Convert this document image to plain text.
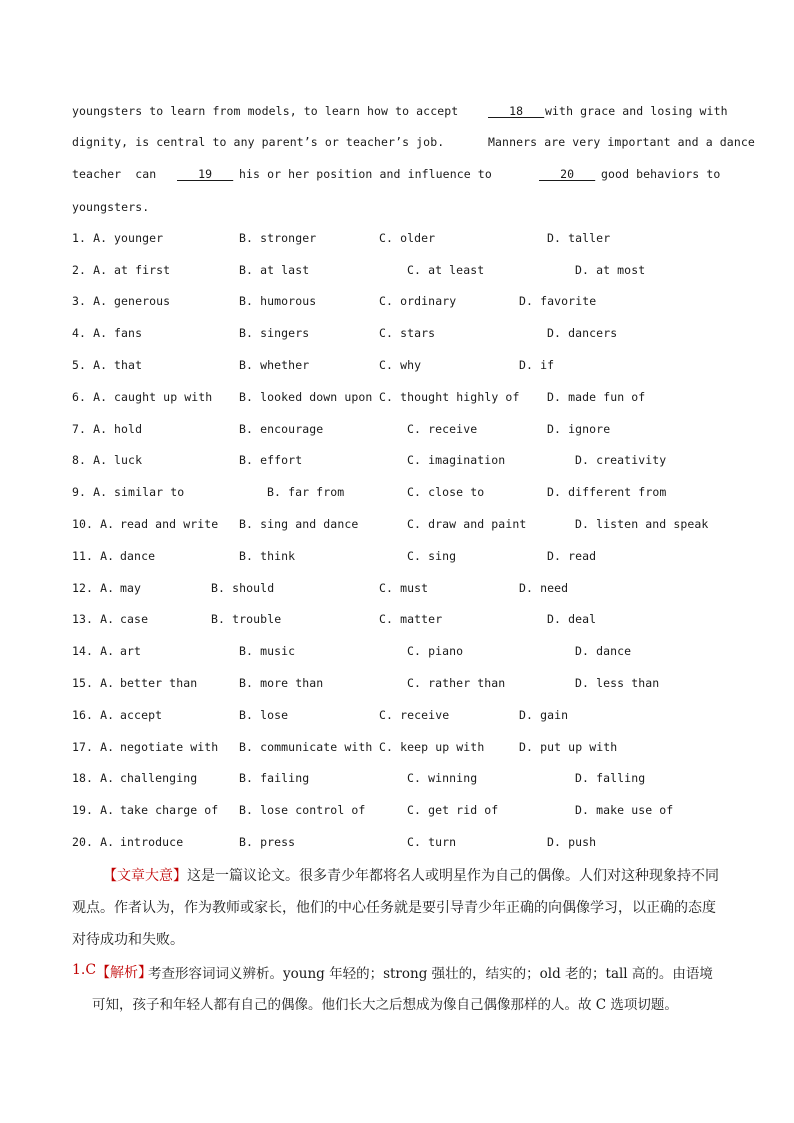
youngsters to learn from models, to learn how to accept	18 with grace and losing with
dignity, is central to any parent’s or teacher’s job.	Manners are very important and a dance
teacher  can 19 his or her position and influence to	20 good behaviors to
youngsters.
1. A. younger	B. stronger	C. older	D. taller
2. A. at first	B. at last	C. at least	D. at most
3. A. generous	B. humorous	C. ordinary	D. favorite
4. A. fans	B. singers	C. stars	D. dancers
5. A. that	B. whether	C. why	D. if
6. A. caught up with B. looked down upon C. thought highly of D. made fun of
7. A. hold	B. encourage	C. receive	D. ignore
8. A. luck	B. effort	C. imagination	D. creativity
9. A. similar to	B. far from	C. close to	D. different from
10. A. read and write B. sing and dance	C. draw and paint	D. listen and speak
11. A. dance	B. think	C. sing	D. read
12. A. may	B. should	C. must	D. need
13. A. case	B. trouble	C. matter	D. deal
14. A. art	B. music	C. piano	D. dance
15. A. better than	B. more than	C. rather than	D. less than
16. A. accept	B. lose	C. receive	D. gain
17. A. negotiate with B. communicate with C. keep up with	D. put up with
18. A. challenging	B. failing	C. winning	D. falling
19. A. take charge of B. lose control of	C. get rid of	D. make use of
20. A. introduce	B. press	C. turn	D. push
【文章大意】 这是一篇议论文。很多青少年都将名人或明星作为自己的偶像。人们对这种现象持不同
观点。作者认为，作为教师或家长，他们的中心任务就是要引导青少年正确的向偶像学习，以正确的态度
对待成功和失败。
1.C 【解析】
考查形容词词义辨析。young 年轻的；strong 强壮的，结实的；old 老的；tall 高的。由语境
可知，孩子和年轻人都有自己的偶像。他们长大之后想成为像自己偶像那样的人。故 C 选项切题。
